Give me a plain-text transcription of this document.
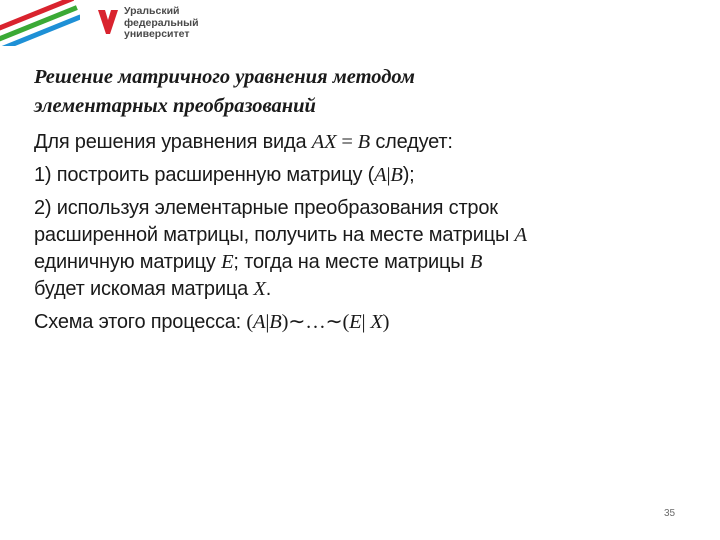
Уральский
федеральный
университет
Решение матричного уравнения методом
элементарных преобразований
Для решения уравнения вида AX = B следует:
1) построить расширенную матрицу (A|B);
2) используя элементарные преобразования строк
расширенной матрицы, получить на месте матрицы A
единичную матрицу E; тогда на месте матрицы B
будет искомая матрица X.
Схема этого процесса: (A|B)∼…∼(E| X)
35
